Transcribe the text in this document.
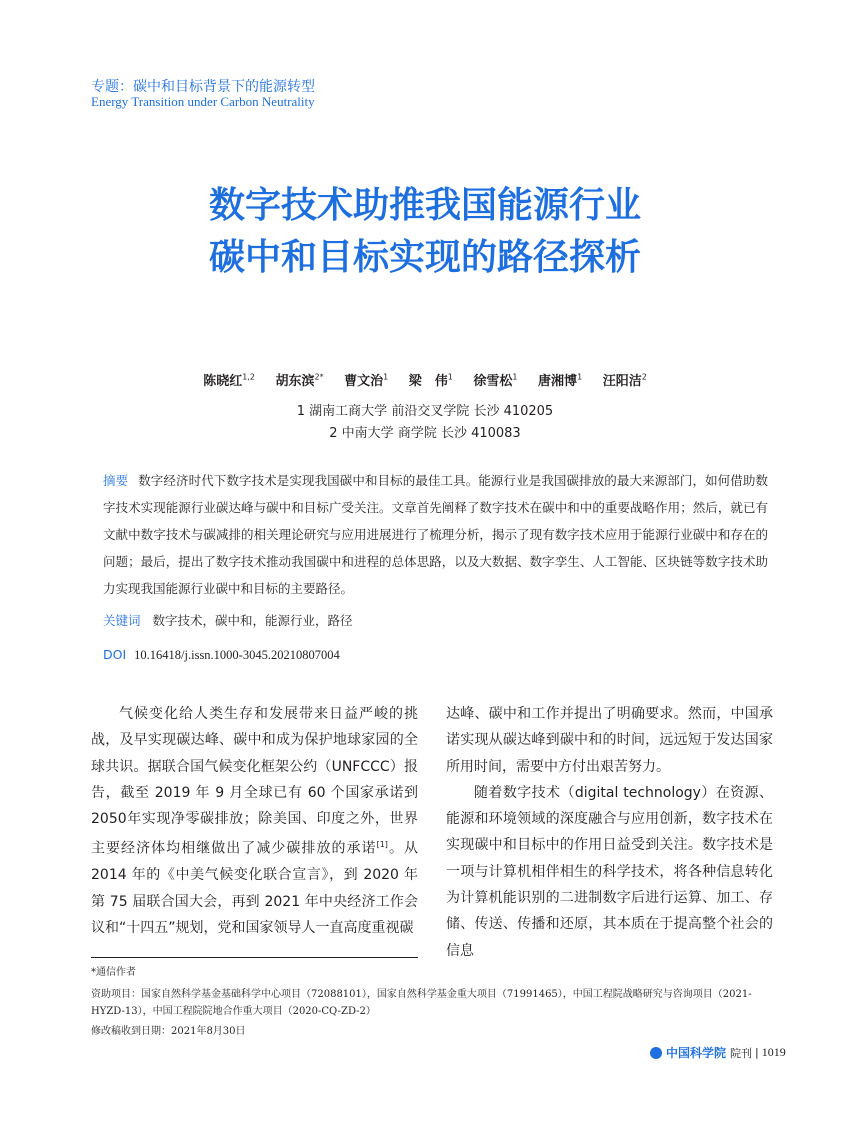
专题：碳中和目标背景下的能源转型
Energy Transition under Carbon Neutrality
数字技术助推我国能源行业
碳中和目标实现的路径探析
陈晓红$^{1,2}$ 胡东滨$^{2*}$ 曹文治$^1$ 梁　伟$^1$ 徐雪松$^1$ 唐湘博$^1$ 汪阳洁$^2$
1 湖南工商大学 前沿交叉学院 长沙 410205
2 中南大学 商学院 长沙 410083
摘要 数字经济时代下数字技术是实现我国碳中和目标的最佳工具。能源行业是我国碳排放的最大来源部门，如何借助数字技术实现能源行业碳达峰与碳中和目标广受关注。文章首先阐释了数字技术在碳中和中的重要战略作用；然后，就已有文献中数字技术与碳减排的相关理论研究与应用进展进行了梳理分析，揭示了现有数字技术应用于能源行业碳中和存在的问题；最后，提出了数字技术推动我国碳中和进程的总体思路，以及大数据、数字孪生、人工智能、区块链等数字技术助力实现我国能源行业碳中和目标的主要路径。
关键词 数字技术，碳中和，能源行业，路径
DOI 10.16418/j.issn.1000-3045.20210807004

气候变化给人类生存和发展带来日益严峻的挑战，及早实现碳达峰、碳中和成为保护地球家园的全球共识。据联合国气候变化框架公约（UNFCCC）报告，截至 2019 年 9 月全球已有 60 个国家承诺到2050年实现净零碳排放；除美国、印度之外，世界主要经济体均相继做出了减少碳排放的承诺[1]。从 2014 年的《中美气候变化联合宣言》，到 2020 年第 75 届联合国大会，再到 2021 年中央经济工作会议和“十四五”规划，党和国家领导人一直高度重视碳

达峰、碳中和工作并提出了明确要求。然而，中国承诺实现从碳达峰到碳中和的时间，远远短于发达国家所用时间，需要中方付出艰苦努力。

随着数字技术（digital technology）在资源、能源和环境领域的深度融合与应用创新，数字技术在实现碳中和目标中的作用日益受到关注。数字技术是一项与计算机相伴相生的科学技术，将各种信息转化为计算机能识别的二进制数字后进行运算、加工、存储、传送、传播和还原，其本质在于提高整个社会的信息

*通信作者
资助项目：国家自然科学基金基础科学中心项目（72088101），国家自然科学基金重大项目（71991465），中国工程院战略研究与咨询项目（2021-HYZD-13），中国工程院院地合作重大项目（2020-CQ-ZD-2）
修改稿收到日期：2021年8月30日
中国科学院 院刊 | 1019
